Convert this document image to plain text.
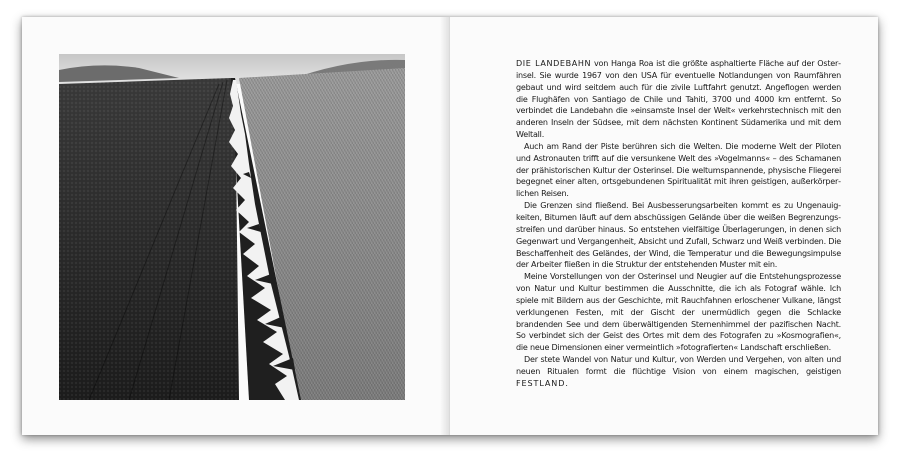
DIE LANDEBAHN von Hanga Roa ist die größte asphaltierte Fläche auf der Osterinsel. Sie wurde 1967 von den USA für eventuelle Notlandungen von Raumfähren gebaut und wird seitdem auch für die zivile Luftfahrt genutzt. Angeflogen werden die Flughäfen von Santiago de Chile und Tahiti, 3700 und 4000 km entfernt. So verbindet die Landebahn die »einsamste Insel der Welt« verkehrstechnisch mit den anderen Inseln der Südsee, mit dem nächsten Kontinent Südamerika und mit dem Weltall.

Auch am Rand der Piste berühren sich die Welten. Die moderne Welt der Piloten und Astronauten trifft auf die versunkene Welt des »Vogelmanns« – des Schamanen der prähistorischen Kultur der Osterinsel. Die weltumspannende, physische Fliegerei begegnet einer alten, ortsgebundenen Spiritualität mit ihren geistigen, außerkörperlichen Reisen.

Die Grenzen sind fließend. Bei Ausbesserungsarbeiten kommt es zu Ungenauigkeiten, Bitumen läuft auf dem abschüssigen Gelände über die weißen Begrenzungsstreifen und darüber hinaus. So entstehen vielfältige Überlagerungen, in denen sich Gegenwart und Vergangenheit, Absicht und Zufall, Schwarz und Weiß verbinden. Die Beschaffenheit des Geländes, der Wind, die Temperatur und die Bewegungsimpulse der Arbeiter fließen in die Struktur der entstehenden Muster mit ein.

Meine Vorstellungen von der Osterinsel und Neugier auf die Entstehungsprozesse von Natur und Kultur bestimmen die Ausschnitte, die ich als Fotograf wähle. Ich spiele mit Bildern aus der Geschichte, mit Rauchfahnen erloschener Vulkane, längst verklungenen Festen, mit der Gischt der unermüdlich gegen die Schlacke brandenden See und dem überwältigenden Sternenhimmel der pazifischen Nacht. So verbindet sich der Geist des Ortes mit dem des Fotografen zu »Kosmografien«, die neue Dimensionen einer vermeintlich »fotografierten« Landschaft erschließen.

Der stete Wandel von Natur und Kultur, von Werden und Vergehen, von alten und neuen Ritualen formt die flüchtige Vision von einem magischen, geistigen FESTLAND.
